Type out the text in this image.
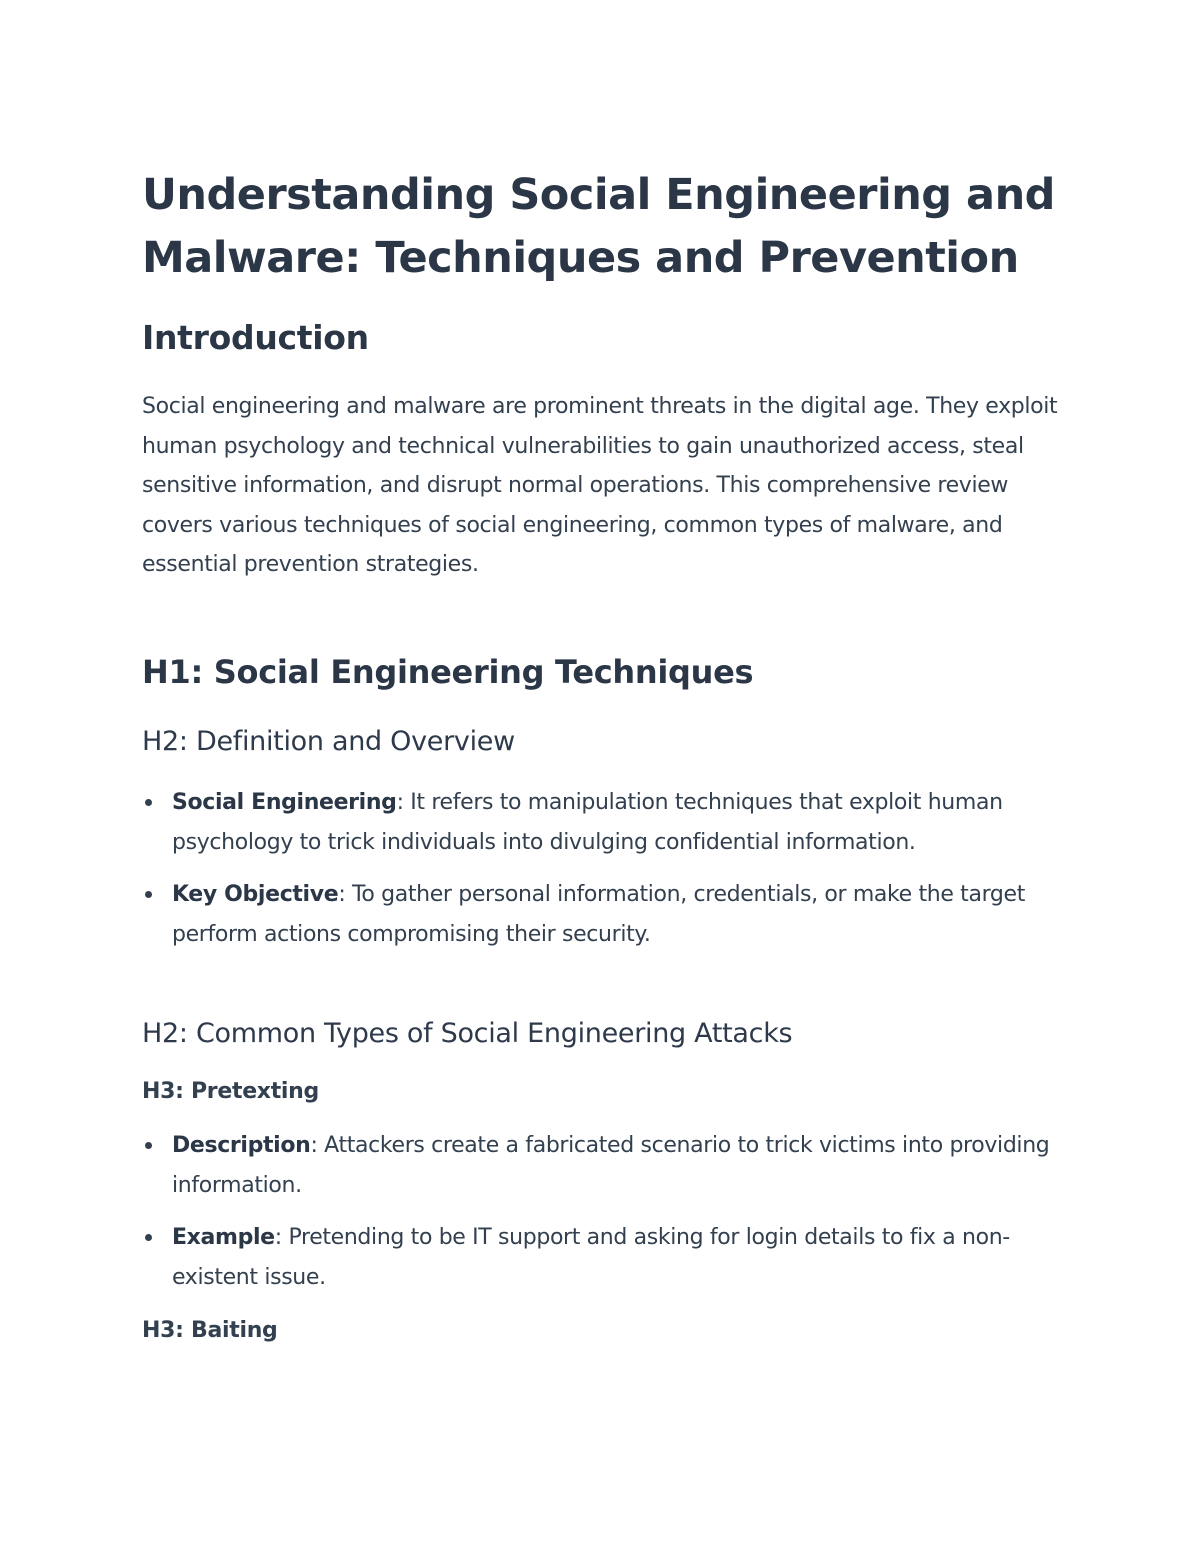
Understanding Social Engineering and Malware: Techniques and Prevention
Introduction

Social engineering and malware are prominent threats in the digital age. They exploit human psychology and technical vulnerabilities to gain unauthorized access, steal sensitive information, and disrupt normal operations. This comprehensive review covers various techniques of social engineering, common types of malware, and essential prevention strategies.

H1: Social Engineering Techniques
H2: Definition and Overview
Social Engineering: It refers to manipulation techniques that exploit human psychology to trick individuals into divulging confidential information.
Key Objective: To gather personal information, credentials, or make the target perform actions compromising their security.
H2: Common Types of Social Engineering Attacks
H3: Pretexting
Description: Attackers create a fabricated scenario to trick victims into providing information.
Example: Pretending to be IT support and asking for login details to fix a non-existent issue.
H3: Baiting
